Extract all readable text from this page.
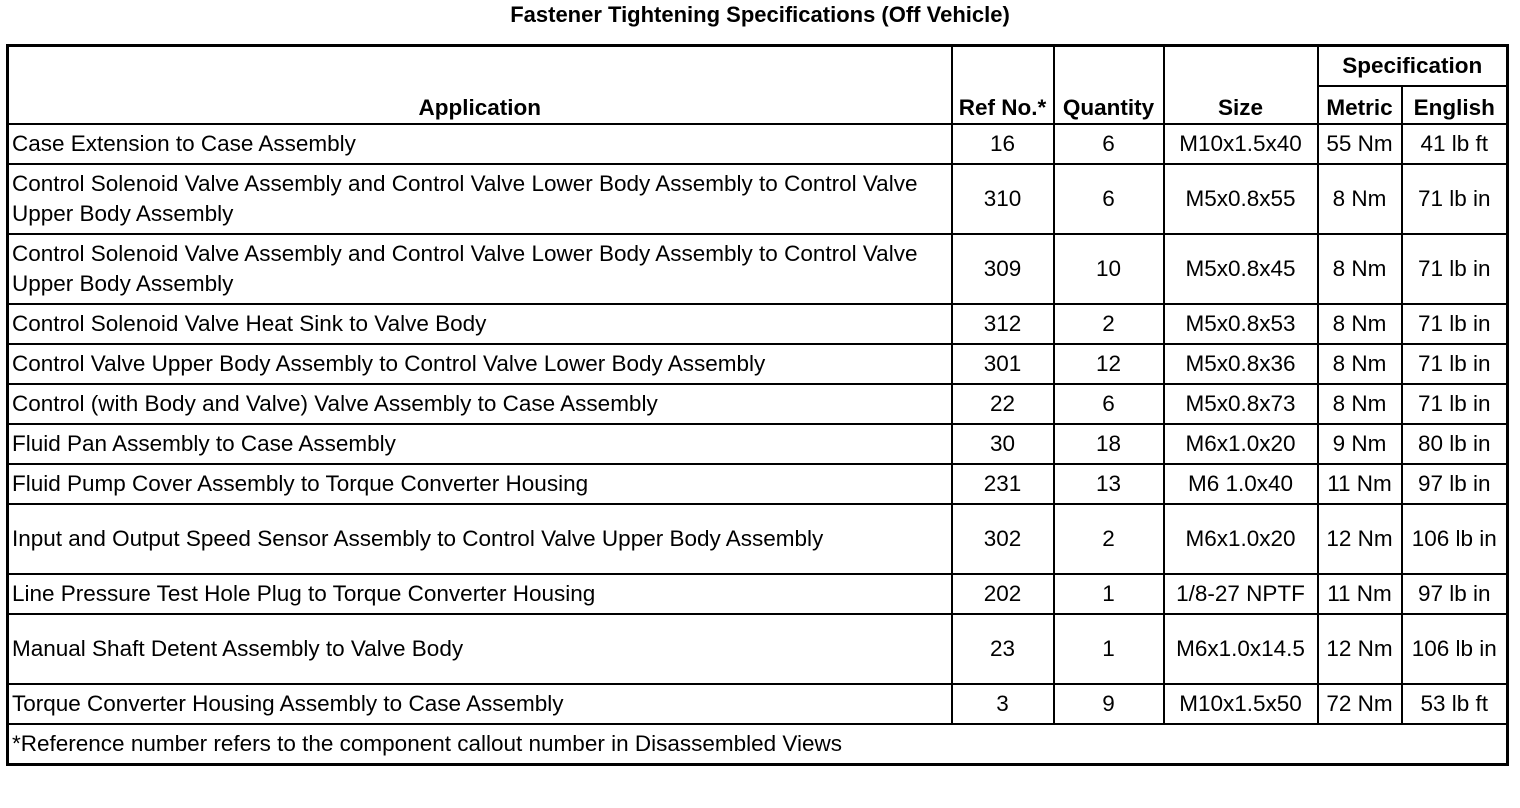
Fastener Tightening Specifications (Off Vehicle)
Application	Ref No.*	Quantity	Size	Specification	
				Metric	English
Case Extension to Case Assembly	16	6	M10x1.5x40	55 Nm	41 lb ft
Control Solenoid Valve Assembly and Control Valve Lower Body Assembly to Control Valve Upper Body Assembly	310	6	M5x0.8x55	8 Nm	71 lb in
Control Solenoid Valve Assembly and Control Valve Lower Body Assembly to Control Valve Upper Body Assembly	309	10	M5x0.8x45	8 Nm	71 lb in
Control Solenoid Valve Heat Sink to Valve Body	312	2	M5x0.8x53	8 Nm	71 lb in
Control Valve Upper Body Assembly to Control Valve Lower Body Assembly	301	12	M5x0.8x36	8 Nm	71 lb in
Control (with Body and Valve) Valve Assembly to Case Assembly	22	6	M5x0.8x73	8 Nm	71 lb in
Fluid Pan Assembly to Case Assembly	30	18	M6x1.0x20	9 Nm	80 lb in
Fluid Pump Cover Assembly to Torque Converter Housing	231	13	M6 1.0x40	11 Nm	97 lb in
Input and Output Speed Sensor Assembly to Control Valve Upper Body Assembly	302	2	M6x1.0x20	12 Nm	106 lb in
Line Pressure Test Hole Plug to Torque Converter Housing	202	1	1/8-27 NPTF	11 Nm	97 lb in
Manual Shaft Detent Assembly to Valve Body	23	1	M6x1.0x14.5	12 Nm	106 lb in
Torque Converter Housing Assembly to Case Assembly	3	9	M10x1.5x50	72 Nm	53 lb ft
*Reference number refers to the component callout number in Disassembled Views					
